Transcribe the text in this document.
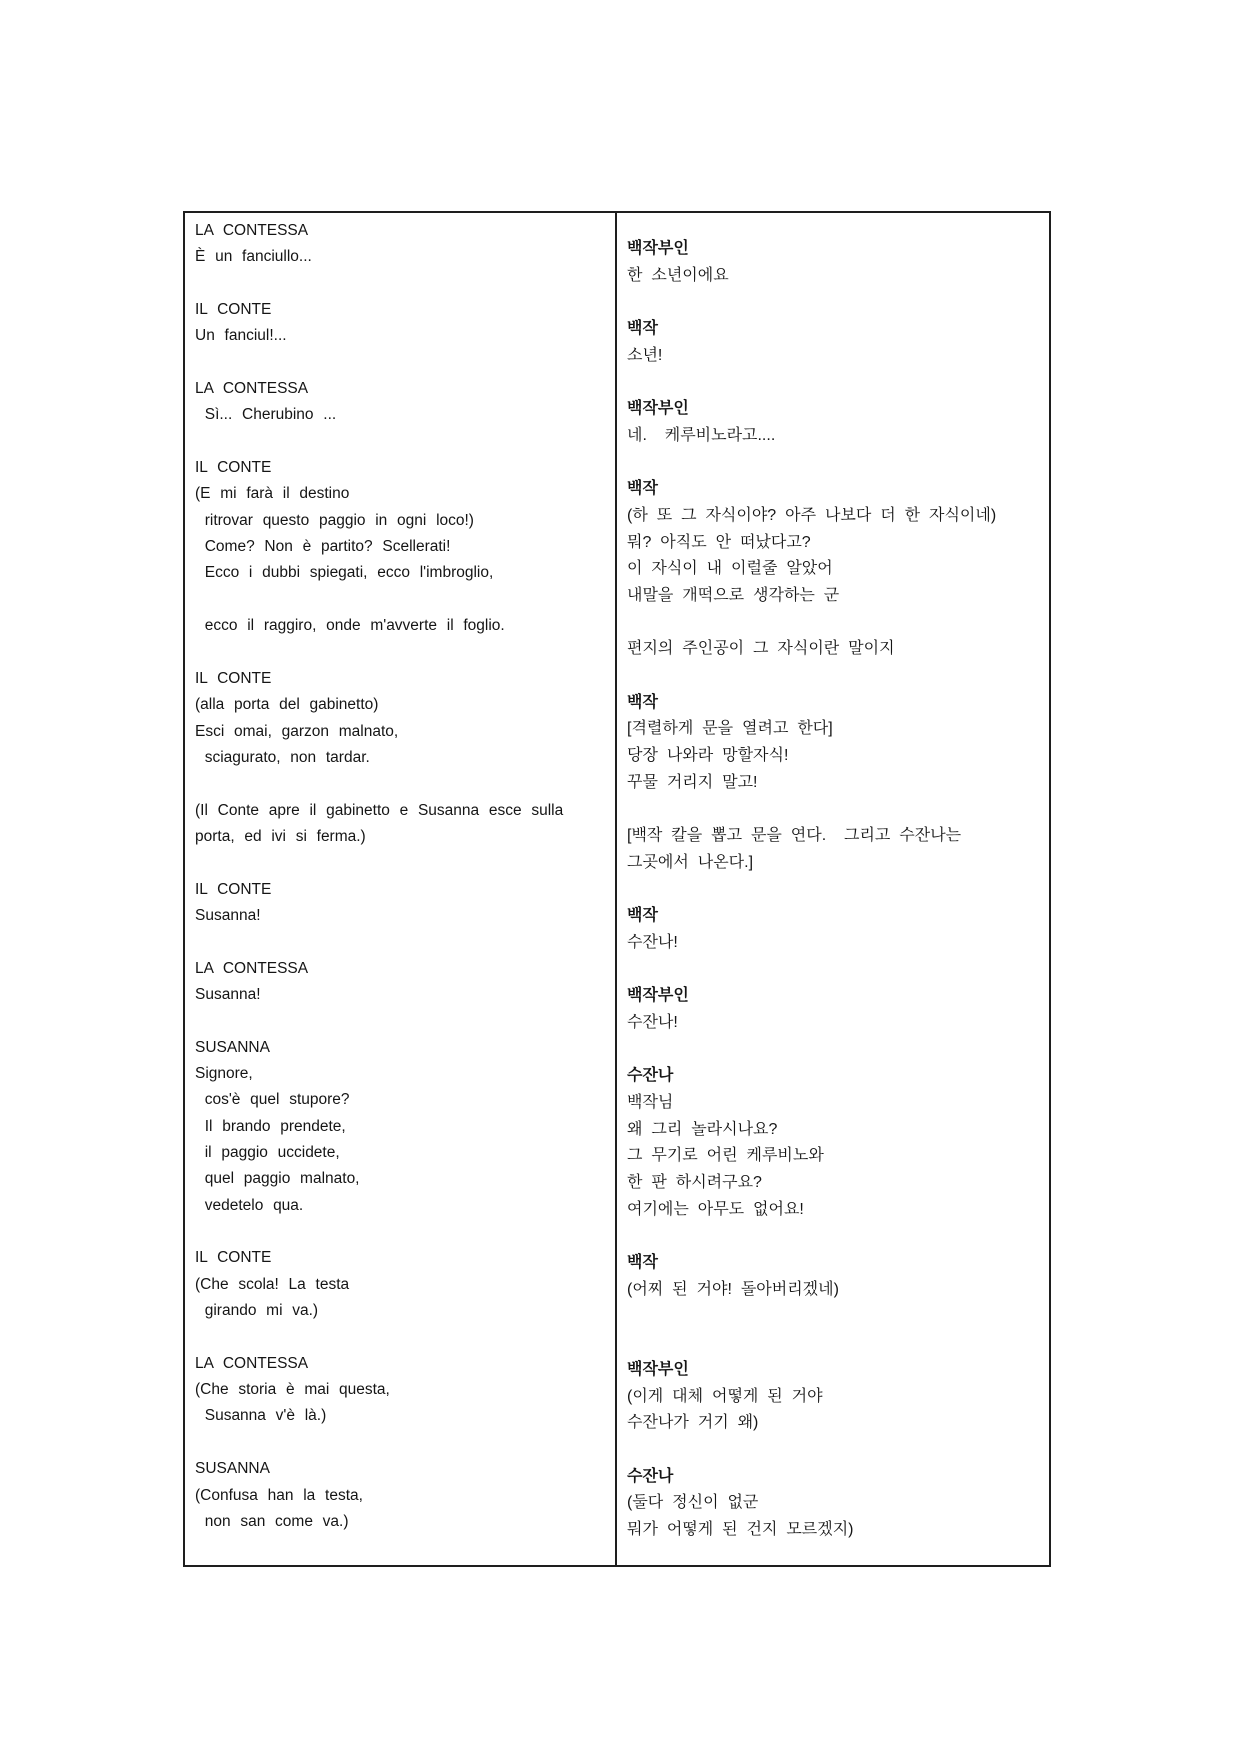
LA CONTESSA
È un fanciullo...
IL CONTE
Un fanciul!...
LA CONTESSA
Sì... Cherubino ...
IL CONTE
(E mi farà il destino
ritrovar questo paggio in ogni loco!)
Come? Non è partito? Scellerati!
Ecco i dubbi spiegati, ecco l'imbroglio,
ecco il raggiro, onde m'avverte il foglio.
IL CONTE
(alla porta del gabinetto)
Esci omai, garzon malnato,
sciagurato, non tardar.
(Il Conte apre il gabinetto e Susanna esce sulla
porta, ed ivi si ferma.)
IL CONTE
Susanna!
LA CONTESSA
Susanna!
SUSANNA
Signore,
cos'è quel stupore?
Il brando prendete,
il paggio uccidete,
quel paggio malnato,
vedetelo qua.
IL CONTE
(Che scola! La testa
girando mi va.)
LA CONTESSA
(Che storia è mai questa,
Susanna v'è là.)
SUSANNA
(Confusa han la testa,
non san come va.)
백작부인
한 소년이에요
백작
소년!
백작부인
네.  케루비노라고....
백작
(하 또 그 자식이야? 아주 나보다 더 한 자식이네)
뭐? 아직도 안 떠났다고?
이 자식이 내 이럴줄 알았어
내말을 개떡으로 생각하는 군
편지의 주인공이 그 자식이란 말이지
백작
[격렬하게 문을 열려고 한다]
당장 나와라 망할자식!
꾸물 거리지 말고!
[백작 칼을 뽑고 문을 연다.  그리고 수잔나는
그곳에서 나온다.]
백작
수잔나!
백작부인
수잔나!
수잔나
백작님
왜 그리 놀라시나요?
그 무기로 어린 케루비노와
한 판 하시려구요?
여기에는 아무도 없어요!
백작
(어찌 된 거야! 돌아버리겠네)
백작부인
(이게 대체 어떻게 된 거야
수잔나가 거기 왜)
수잔나
(둘다 정신이 없군
뭐가 어떻게 된 건지 모르겠지)
